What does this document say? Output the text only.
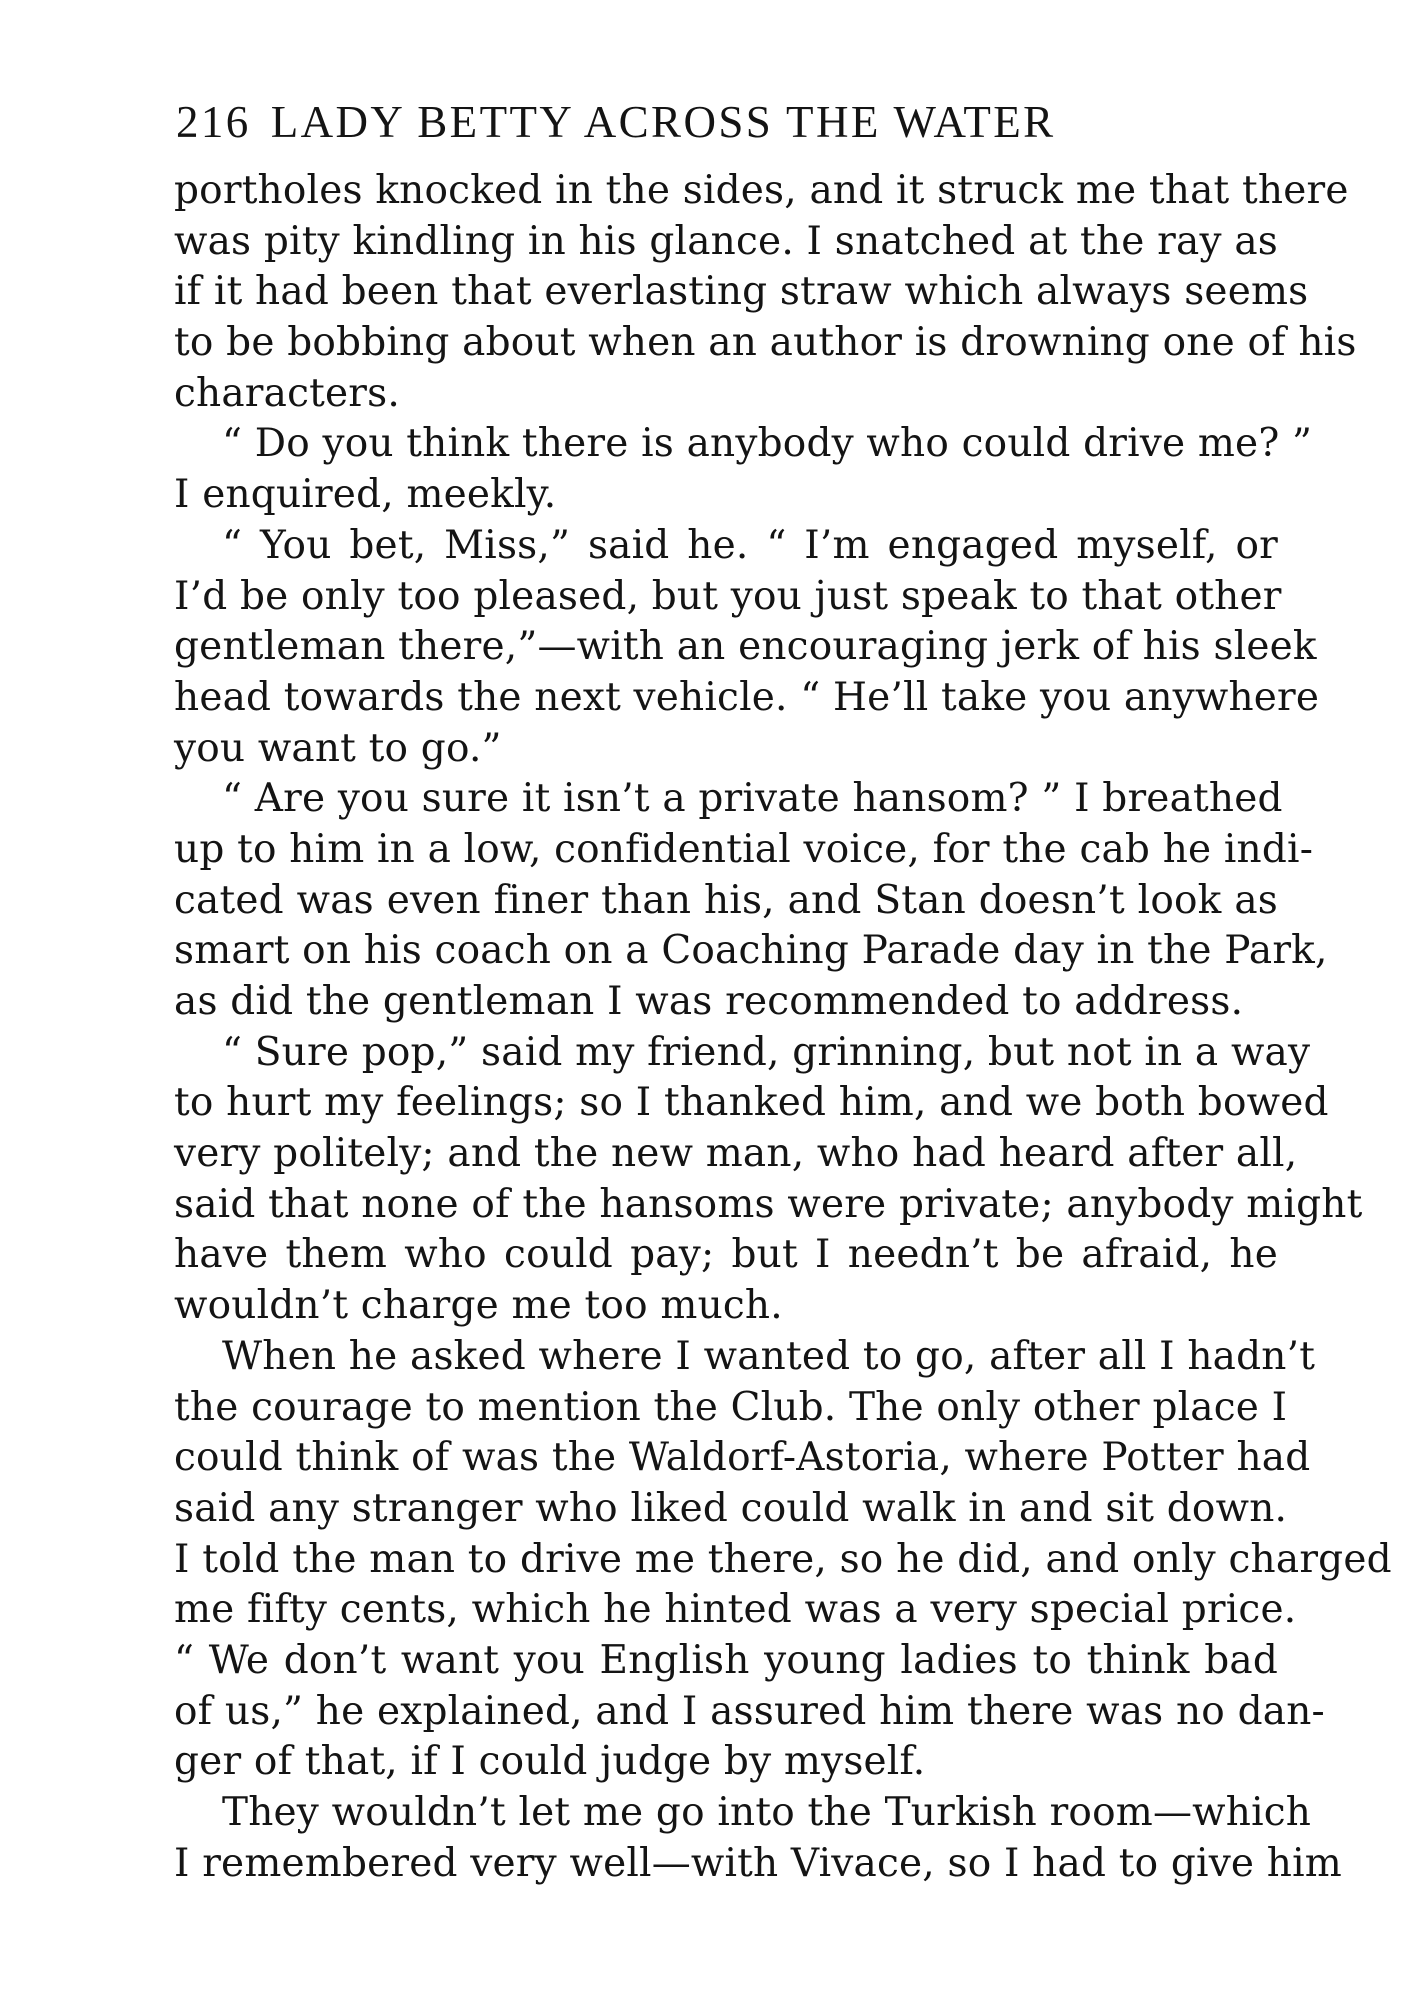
216 LADY BETTY ACROSS THE WATER
portholes knocked in the sides, and it struck me that there
was pity kindling in his glance. I snatched at the ray as
if it had been that everlasting straw which always seems
to be bobbing about when an author is drowning one of his
characters.
“ Do you think there is anybody who could drive me? ”
I enquired, meekly.
“ You bet, Miss,” said he. “ I’m engaged myself, or
I’d be only too pleased, but you just speak to that other
gentleman there,”—with an encouraging jerk of his sleek
head towards the next vehicle. “ He’ll take you anywhere
you want to go.”
“ Are you sure it isn’t a private hansom? ” I breathed
up to him in a low, confidential voice, for the cab he indi-
cated was even finer than his, and Stan doesn’t look as
smart on his coach on a Coaching Parade day in the Park,
as did the gentleman I was recommended to address.
“ Sure pop,” said my friend, grinning, but not in a way
to hurt my feelings; so I thanked him, and we both bowed
very politely; and the new man, who had heard after all,
said that none of the hansoms were private; anybody might
have them who could pay; but I needn’t be afraid, he
wouldn’t charge me too much.
When he asked where I wanted to go, after all I hadn’t
the courage to mention the Club. The only other place I
could think of was the Waldorf-Astoria, where Potter had
said any stranger who liked could walk in and sit down.
I told the man to drive me there, so he did, and only charged
me fifty cents, which he hinted was a very special price.
“ We don’t want you English young ladies to think bad
of us,” he explained, and I assured him there was no dan-
ger of that, if I could judge by myself.
They wouldn’t let me go into the Turkish room—which
I remembered very well—with Vivace, so I had to give him
